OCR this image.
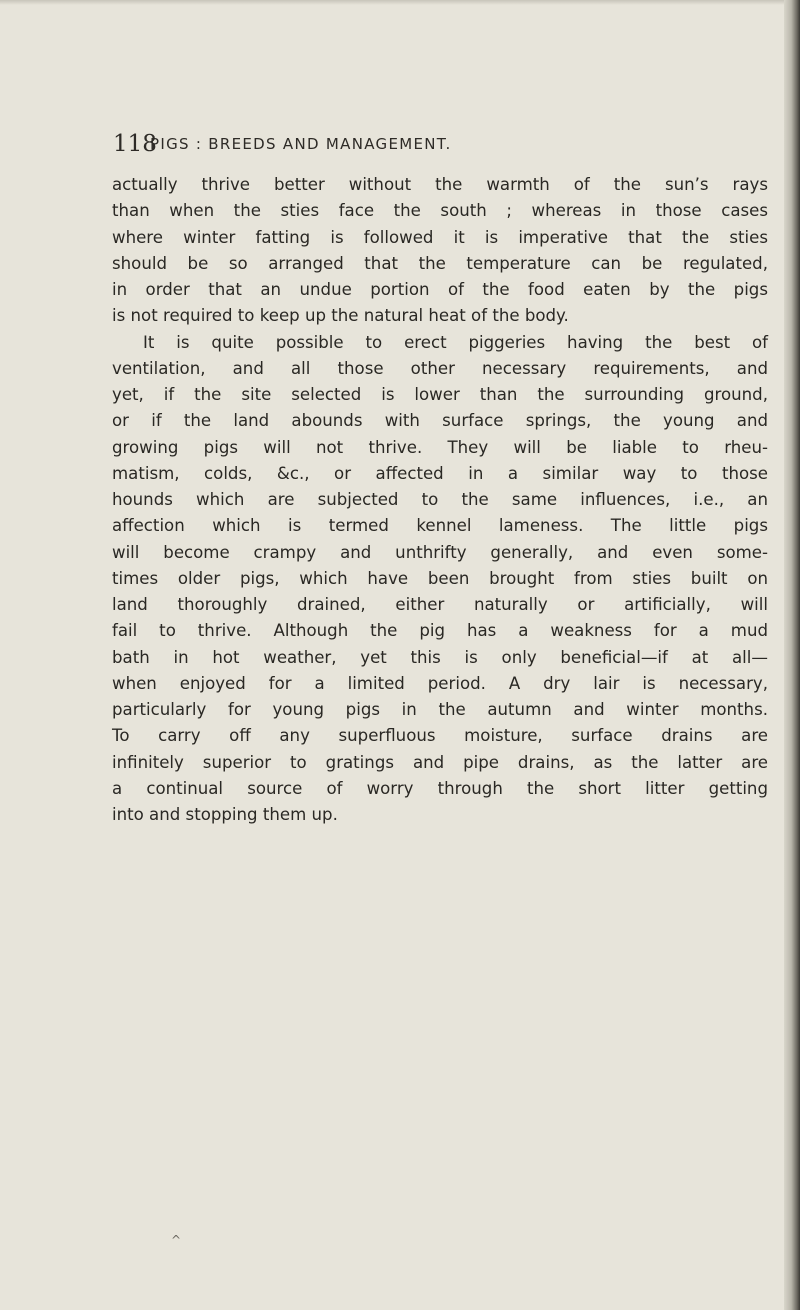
118
PIGS : BREEDS AND MANAGEMENT.
actually thrive better without the warmth of the sun’s rays
than when the sties face the south ; whereas in those cases
where winter fatting is followed it is imperative that the sties
should be so arranged that the temperature can be regulated,
in order that an undue portion of the food eaten by the pigs
is not required to keep up the natural heat of the body.
It is quite possible to erect piggeries having the best of
ventilation, and all those other necessary requirements, and
yet, if the site selected is lower than the surrounding ground,
or if the land abounds with surface springs, the young and
growing pigs will not thrive. They will be liable to rheu-
matism, colds, &c., or affected in a similar way to those
hounds which are subjected to the same influences, i.e., an
affection which is termed kennel lameness. The little pigs
will become crampy and unthrifty generally, and even some-
times older pigs, which have been brought from sties built on
land thoroughly drained, either naturally or artificially, will
fail to thrive. Although the pig has a weakness for a mud
bath in hot weather, yet this is only beneficial—if at all—
when enjoyed for a limited period. A dry lair is necessary,
particularly for young pigs in the autumn and winter months.
To carry off any superfluous moisture, surface drains are
infinitely superior to gratings and pipe drains, as the latter are
a continual source of worry through the short litter getting
into and stopping them up.
^
